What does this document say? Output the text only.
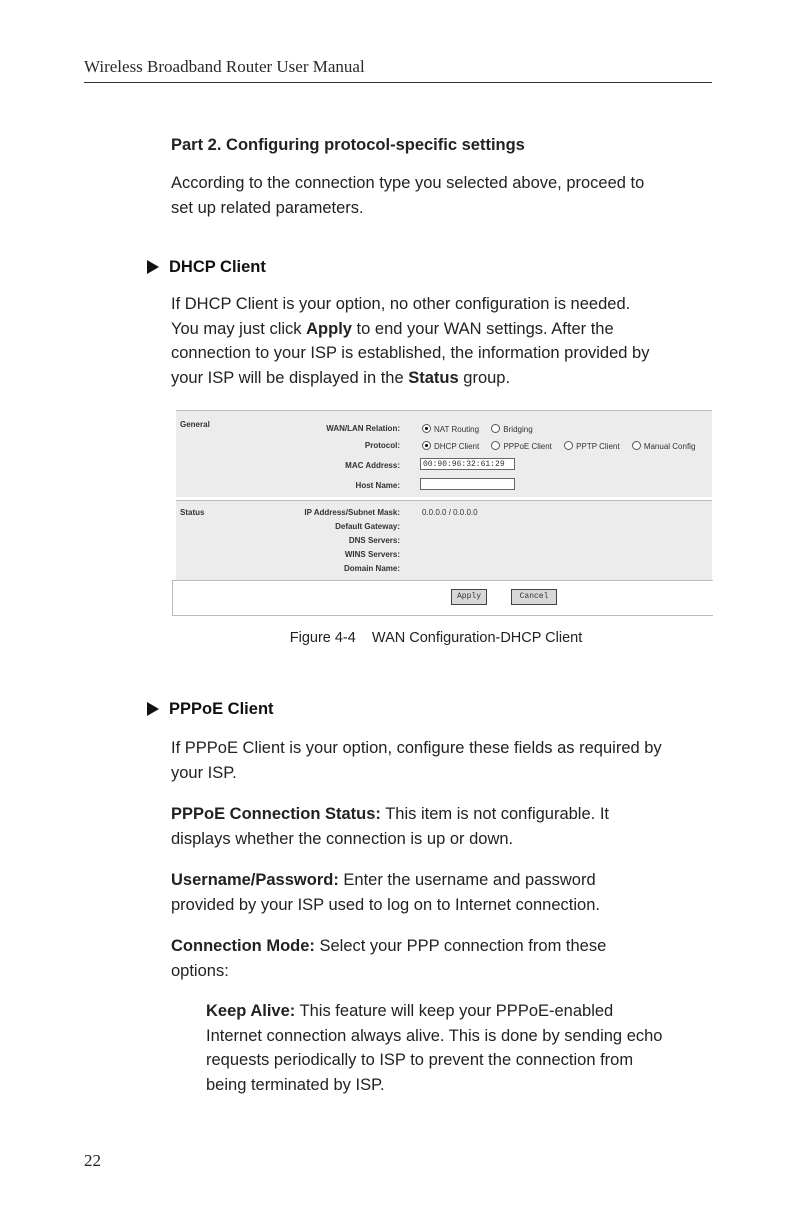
Wireless Broadband Router User Manual
Part 2. Configuring protocol-specific settings
According to the connection type you selected above, proceed to
set up related parameters.
DHCP Client
If DHCP Client is your option, no other configuration is needed.
You may just click Apply to end your WAN settings. After the
connection to your ISP is established, the information provided by
your ISP will be displayed in the Status group.
General	WAN/LAN Relation:	NAT Routing	Bridging
Protocol:	DHCP Client	PPPoE Client	PPTP Client	Manual Config
MAC Address:	00:90:96:32:61:29
Host Name:
Status	IP Address/Subnet Mask:	0.0.0.0 / 0.0.0.0
Default Gateway:
DNS Servers:
WINS Servers:
Domain Name:
Apply	Cancel
Figure 4-4    WAN Configuration-DHCP Client
PPPoE Client
If PPPoE Client is your option, configure these fields as required by
your ISP.
PPPoE Connection Status: This item is not configurable. It
displays whether the connection is up or down.
Username/Password: Enter the username and password
provided by your ISP used to log on to Internet connection.
Connection Mode: Select your PPP connection from these
options:
Keep Alive: This feature will keep your PPPoE-enabled
Internet connection always alive. This is done by sending echo
requests periodically to ISP to prevent the connection from
being terminated by ISP.
22
